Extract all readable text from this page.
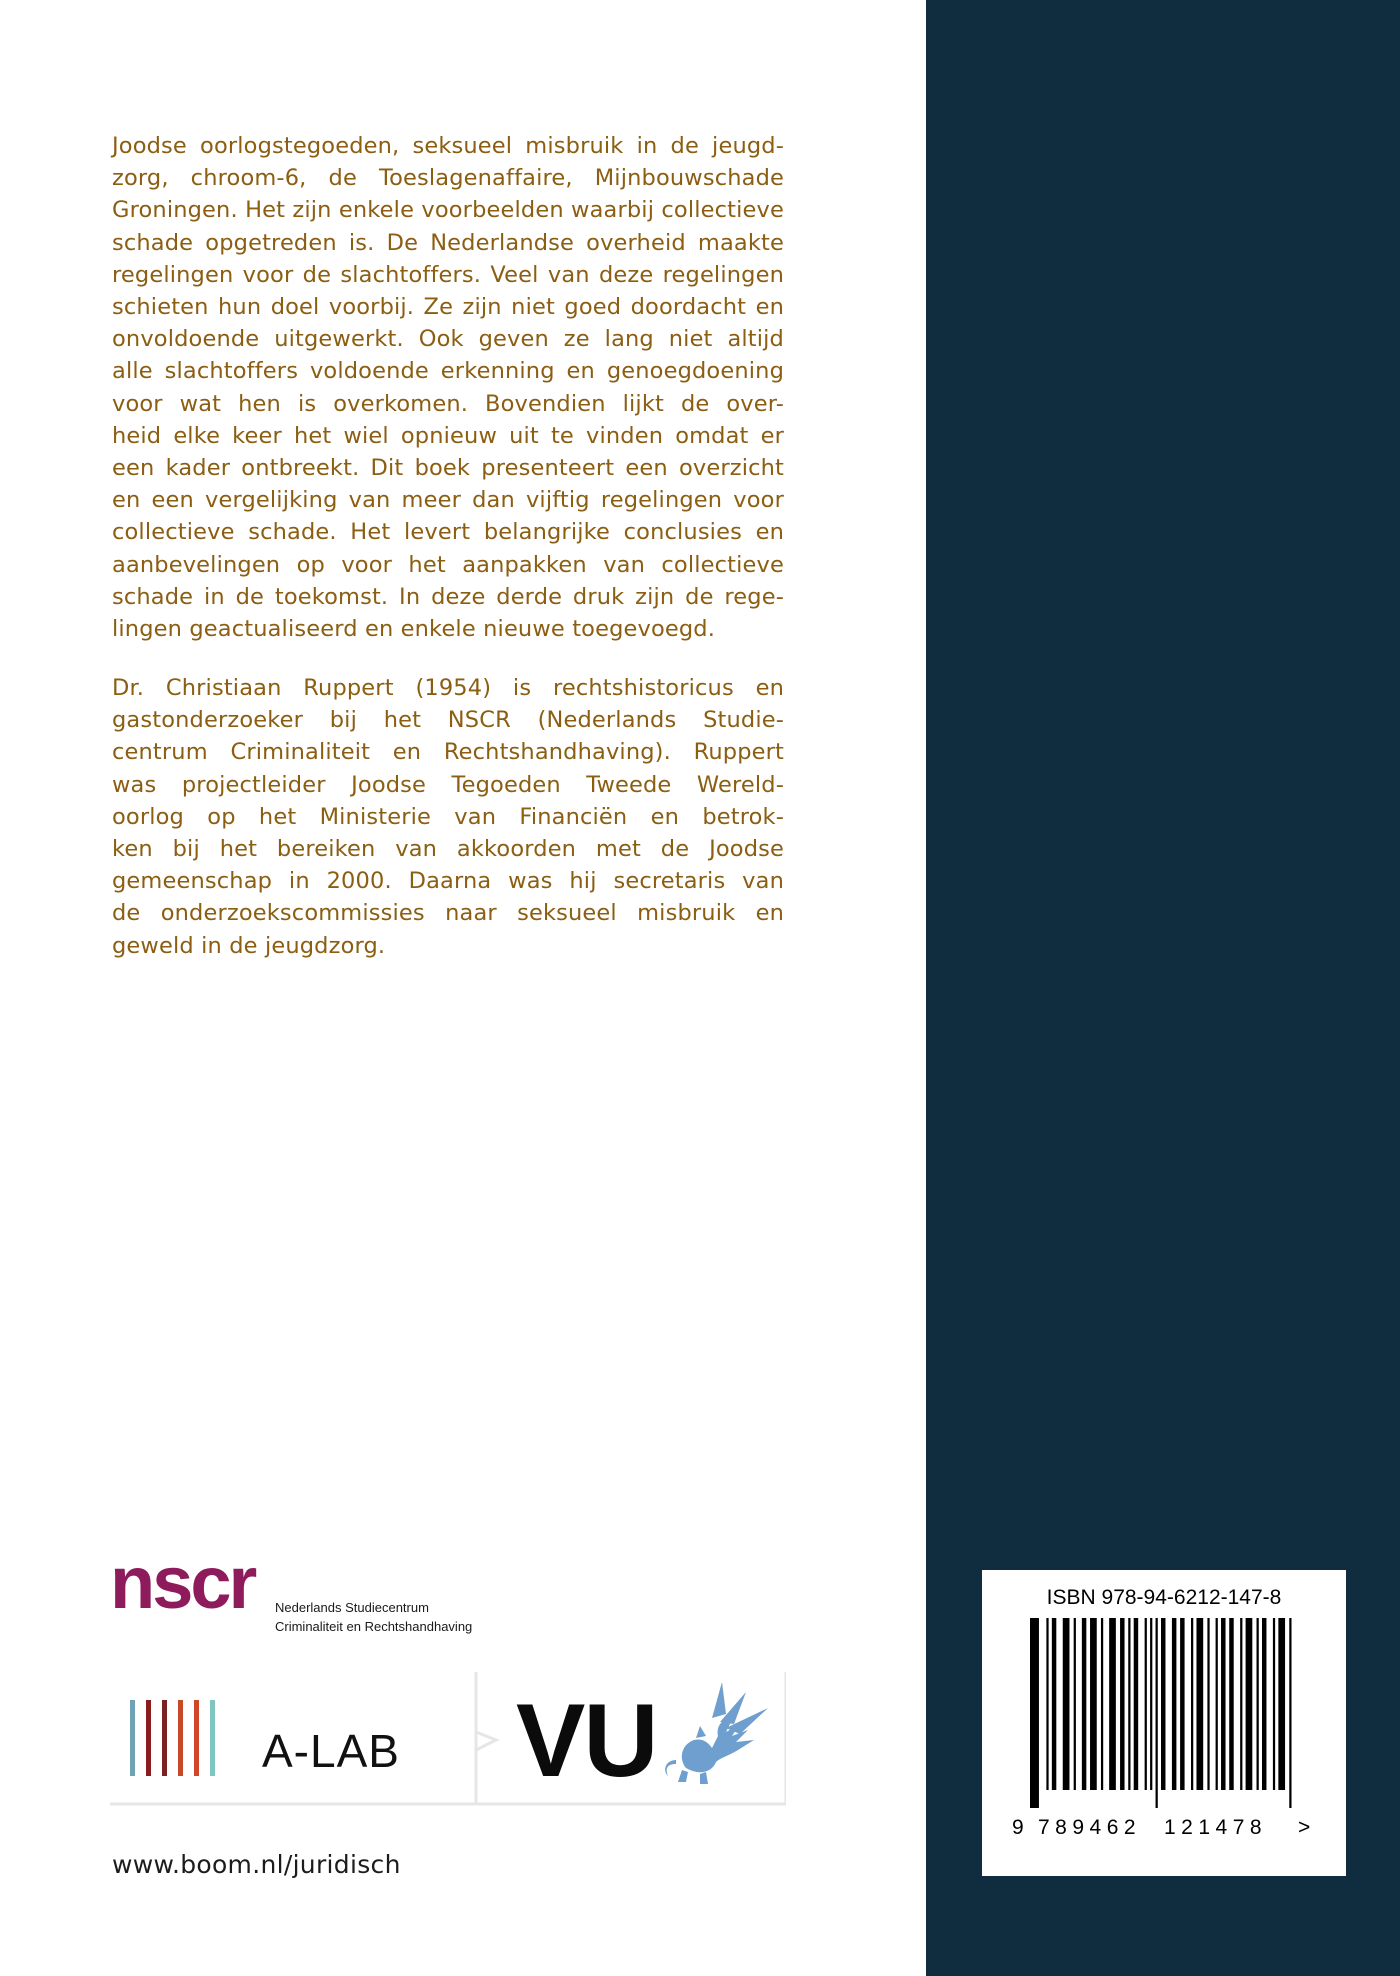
Joodse oorlogstegoeden, seksueel misbruik in de jeugd-
zorg, chroom-6, de Toeslagenaffaire, Mijnbouwschade
Groningen. Het zijn enkele voorbeelden waarbij collectieve
schade opgetreden is. De Nederlandse overheid maakte
regelingen voor de slachtoffers. Veel van deze regelingen
schieten hun doel voorbij. Ze zijn niet goed doordacht en
onvoldoende uitgewerkt. Ook geven ze lang niet altijd
alle slachtoffers voldoende erkenning en genoegdoening
voor wat hen is overkomen. Bovendien lijkt de over-
heid elke keer het wiel opnieuw uit te vinden omdat er
een kader ontbreekt. Dit boek presenteert een overzicht
en een vergelijking van meer dan vijftig regelingen voor
collectieve schade. Het levert belangrijke conclusies en
aanbevelingen op voor het aanpakken van collectieve
schade in de toekomst. In deze derde druk zijn de rege-
lingen geactualiseerd en enkele nieuwe toegevoegd.
Dr. Christiaan Ruppert (1954) is rechtshistoricus en
gastonderzoeker bij het NSCR (Nederlands Studie-
centrum Criminaliteit en Rechtshandhaving). Ruppert
was projectleider Joodse Tegoeden Tweede Wereld-
oorlog op het Ministerie van Financiën en betrok-
ken bij het bereiken van akkoorden met de Joodse
gemeenschap in 2000. Daarna was hij secretaris van
de onderzoekscommissies naar seksueel misbruik en
geweld in de jeugdzorg.
nscr Nederlands Studiecentrum
Criminaliteit en Rechtshandhaving
A-LAB VU
www.boom.nl/juridisch
ISBN 978-94-6212-147-8
9 789462 121478 >
